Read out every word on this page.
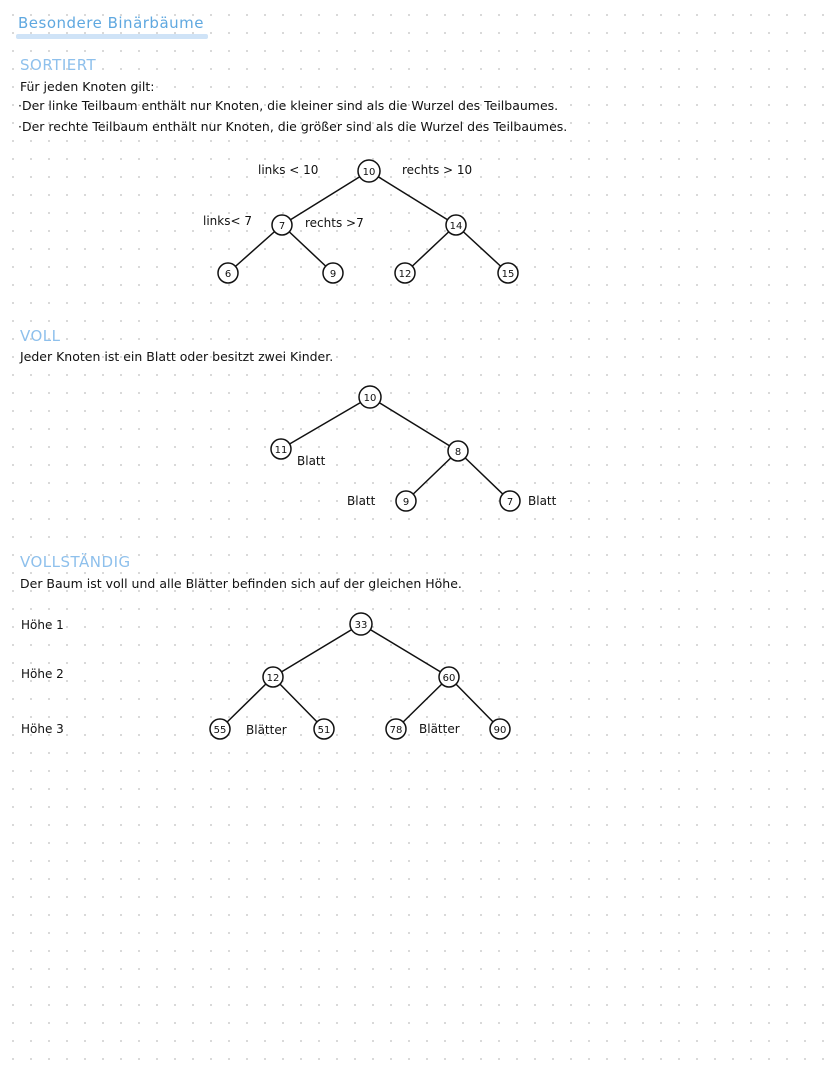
Besondere Binärbäume
SORTIERT
Für jeden Knoten gilt:
·Der linke Teilbaum enthält nur Knoten, die kleiner sind als die Wurzel des Teilbaumes.
·Der rechte Teilbaum enthält nur Knoten, die größer sind als die Wurzel des Teilbaumes.
10
7	14
6	9	12	15
links < 10	rechts > 10
links< 7	rechts >7
VOLL
Jeder Knoten ist ein Blatt oder besitzt zwei Kinder.
10
11	8
9	7
Blatt
Blatt	Blatt
VOLLSTÄNDIG
Der Baum ist voll und alle Blätter befinden sich auf der gleichen Höhe.
Höhe 1
Höhe 2
Höhe 3
33
12	60
55	51	78	90
Blätter	Blätter
